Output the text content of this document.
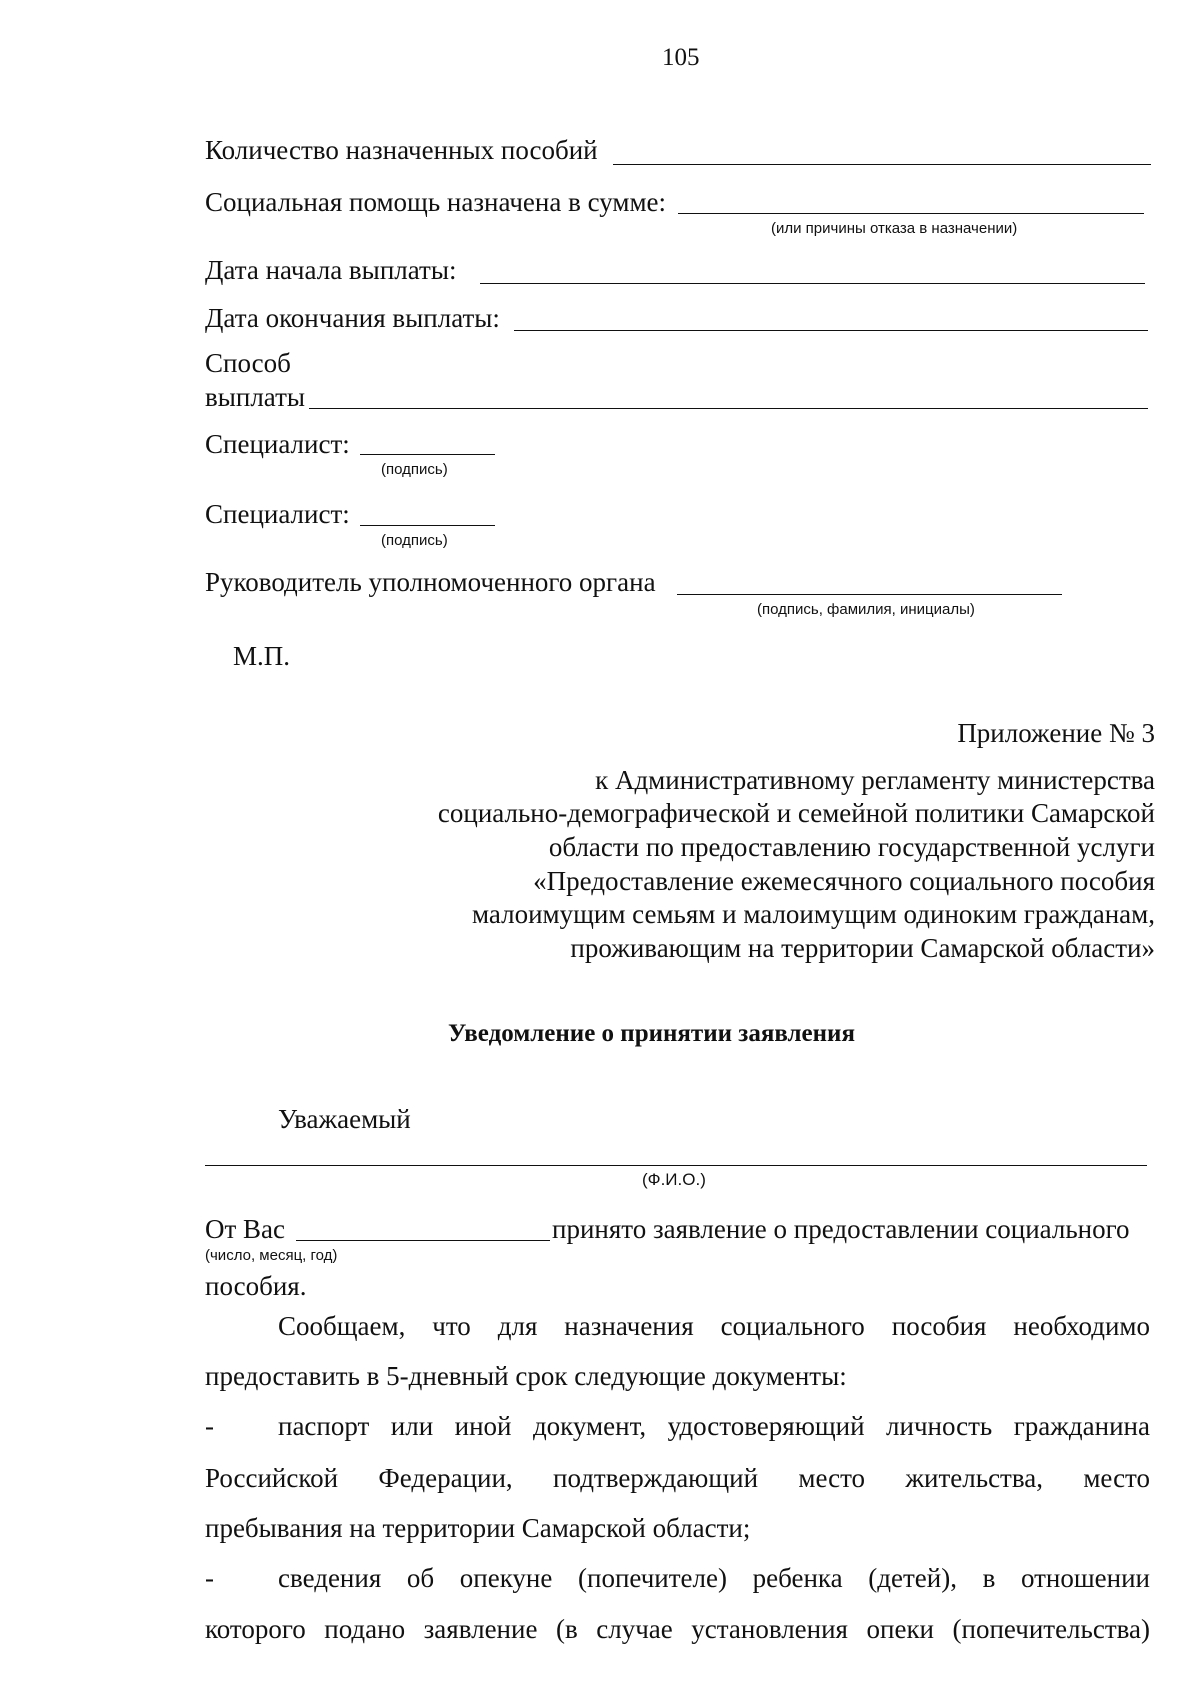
105
Количество назначенных пособий
Социальная помощь назначена в сумме:
(или причины отказа в назначении)
Дата начала выплаты:
Дата окончания выплаты:
Способ
выплаты
Специалист:
(подпись)
Специалист:
(подпись)
Руководитель уполномоченного органа
(подпись, фамилия, инициалы)
М.П.
Приложение № 3
к Административному регламенту министерства
социально-демографической и семейной политики Самарской
области по предоставлению государственной услуги
«Предоставление ежемесячного социального пособия
малоимущим семьям и малоимущим одиноким гражданам,
проживающим на территории Самарской области»
Уведомление о принятии заявления
Уважаемый
(Ф.И.О.)
От Вас	принято заявление о предоставлении социального
(число, месяц, год)
пособия.
Сообщаем, что для назначения социального пособия необходимо
предоставить в 5-дневный срок следующие документы:
- паспорт или иной документ, удостоверяющий личность гражданина
Российской Федерации, подтверждающий место жительства, место
пребывания на территории Самарской области;
- сведения об опекуне (попечителе) ребенка (детей), в отношении
которого подано заявление (в случае установления опеки (попечительства)
